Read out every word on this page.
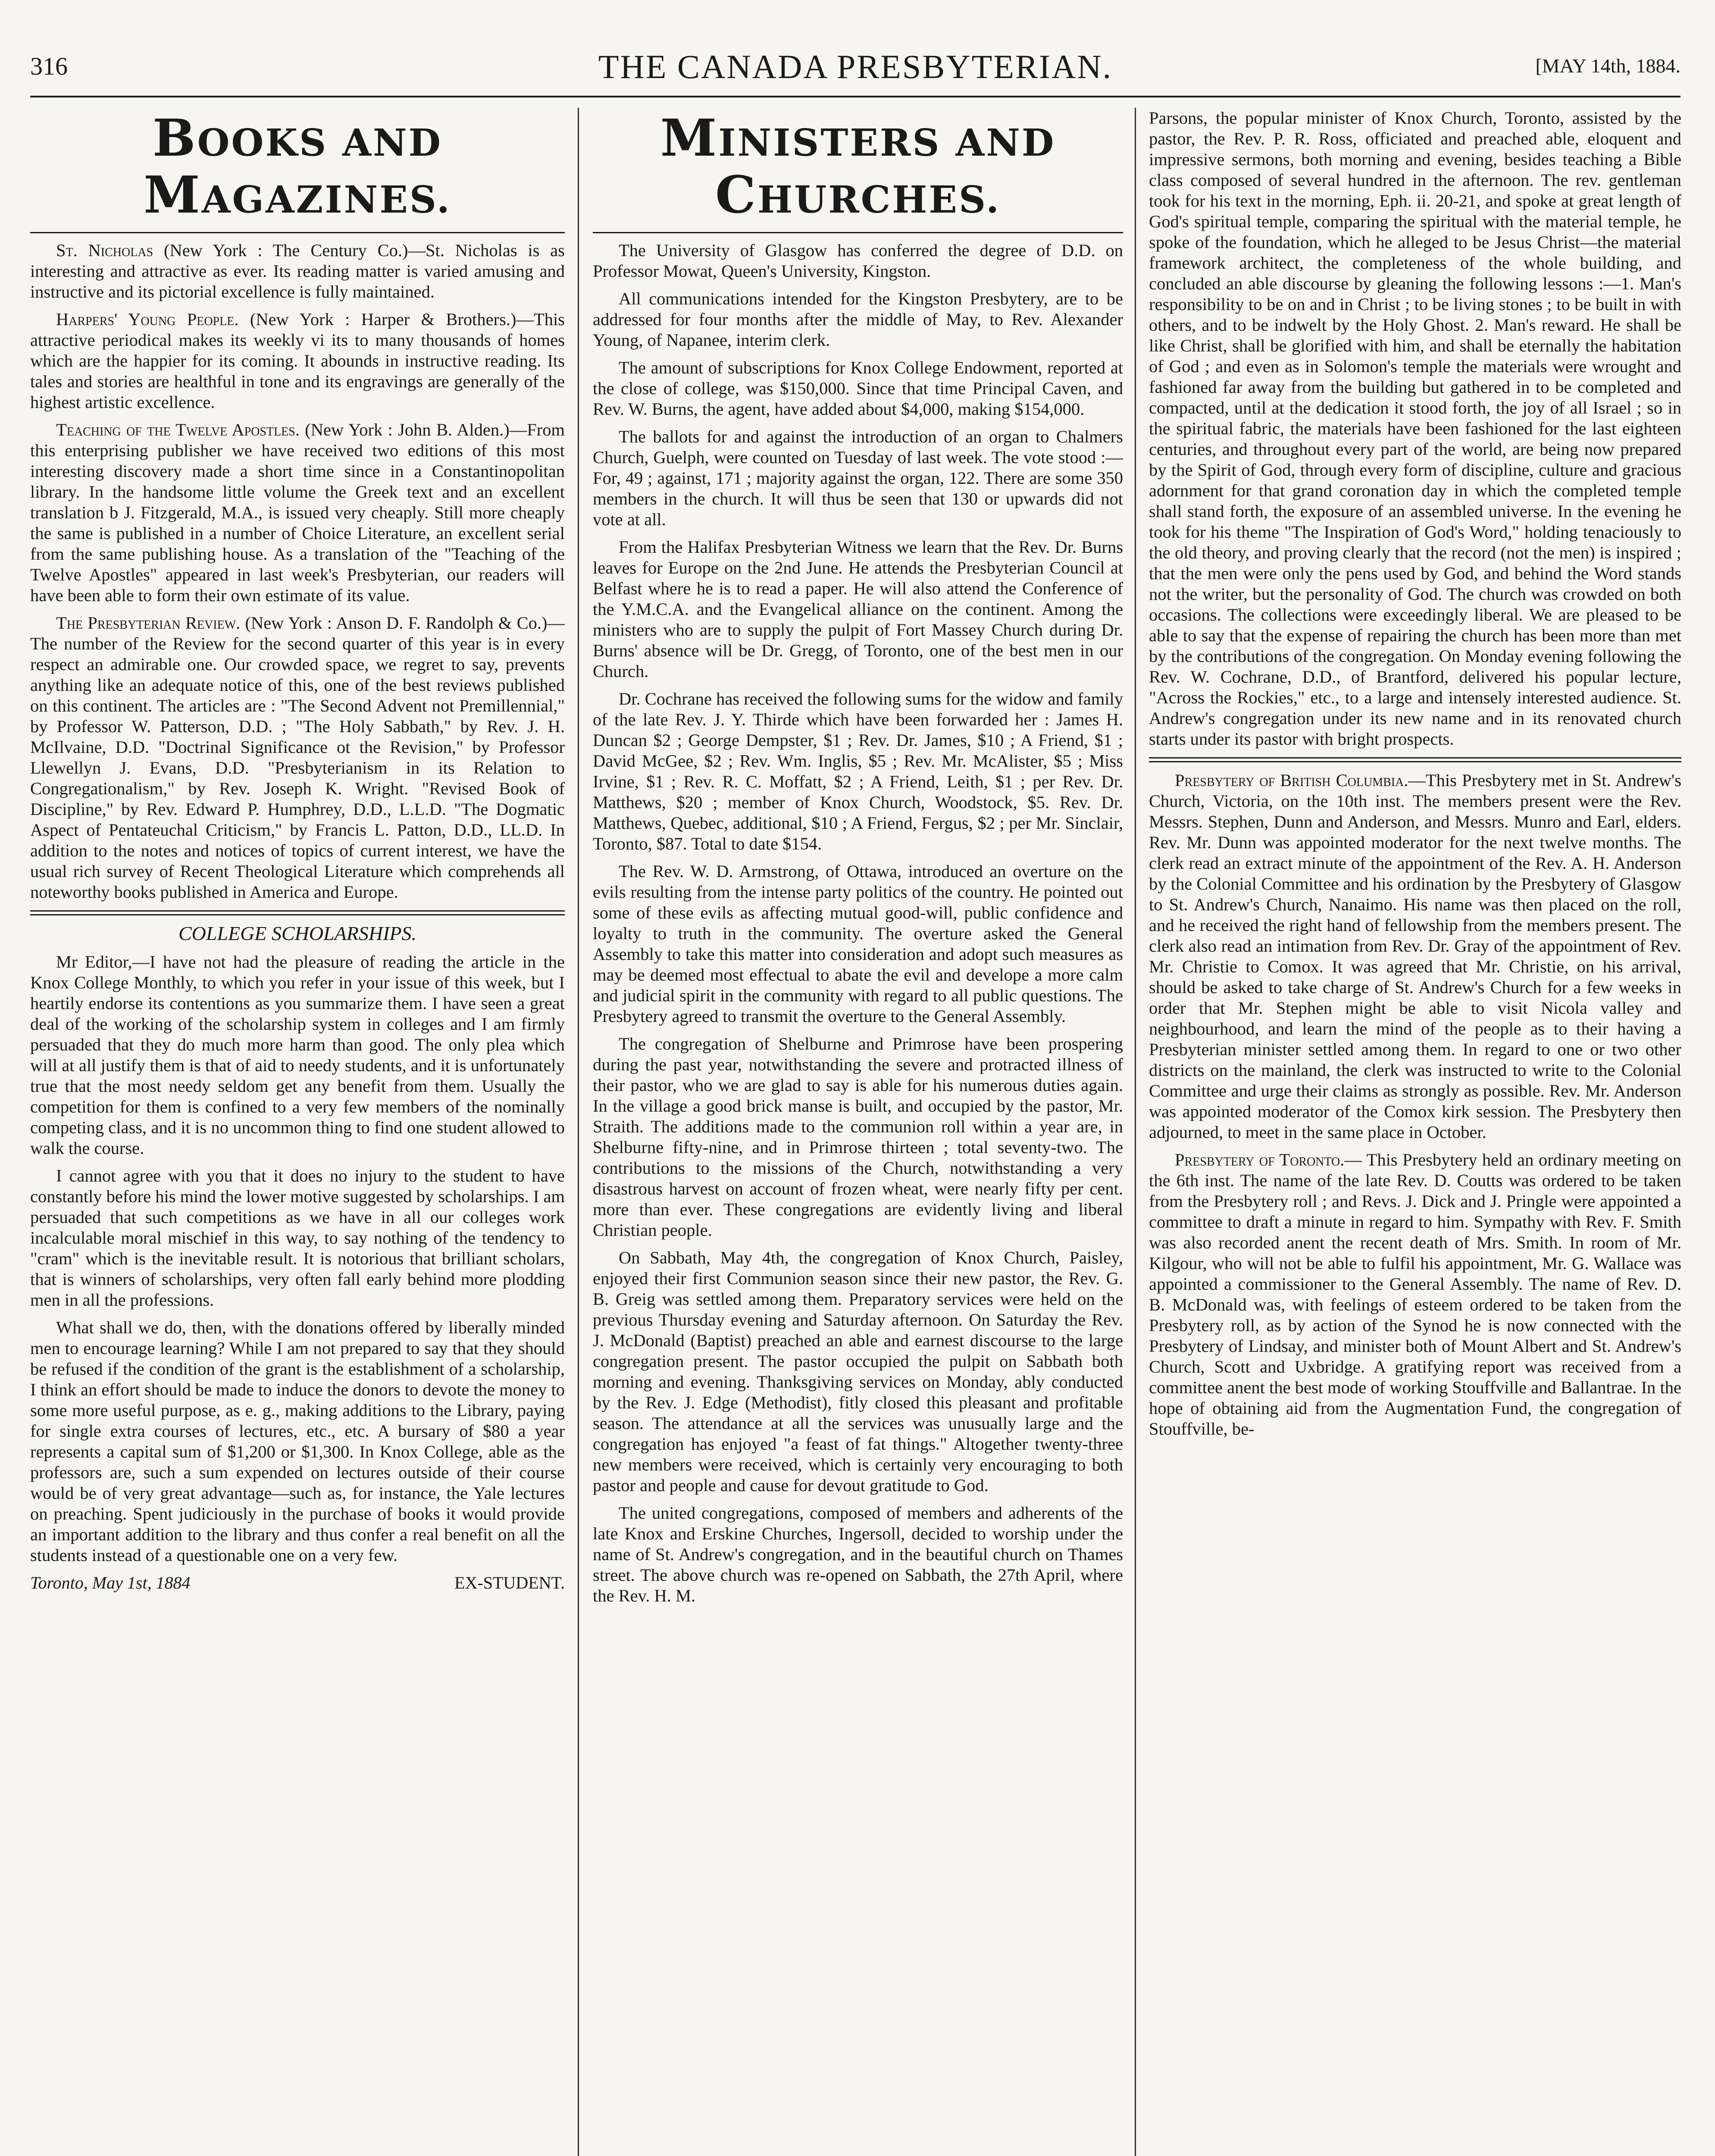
316	THE CANADA PRESBYTERIAN.	[MAY 14th, 1884.
BOOKS AND MAGAZINES.

St. Nicholas (New York : The Century Co.)—St. Nicholas is as interesting and attractive as ever. Its reading matter is varied amusing and instructive and its pictorial excellence is fully maintained.

Harpers' Young People. (New York : Harper & Brothers.)—This attractive periodical makes its weekly vi its to many thousands of homes which are the happier for its coming. It abounds in instructive reading. Its tales and stories are healthful in tone and its engravings are generally of the highest artistic excellence.

Teaching of the Twelve Apostles. (New York : John B. Alden.)—From this enterprising publisher we have received two editions of this most interesting discovery made a short time since in a Constantinopolitan library. In the handsome little volume the Greek text and an excellent translation b J. Fitzgerald, M.A., is issued very cheaply. Still more cheaply the same is published in a number of Choice Literature, an excellent serial from the same publishing house. As a translation of the "Teaching of the Twelve Apostles" appeared in last week's Presbyterian, our readers will have been able to form their own estimate of its value.

The Presbyterian Review. (New York : Anson D. F. Randolph & Co.)—The number of the Review for the second quarter of this year is in every respect an admirable one. Our crowded space, we regret to say, prevents anything like an adequate notice of this, one of the best reviews published on this continent. The articles are : "The Second Advent not Premillennial," by Professor W. Patterson, D.D. ; "The Holy Sabbath," by Rev. J. H. McIlvaine, D.D. "Doctrinal Significance ot the Revision," by Professor Llewellyn J. Evans, D.D. "Presbyterianism in its Relation to Congregationalism," by Rev. Joseph K. Wright. "Revised Book of Discipline," by Rev. Edward P. Humphrey, D.D., L.L.D. "The Dogmatic Aspect of Pentateuchal Criticism," by Francis L. Patton, D.D., LL.D. In addition to the notes and notices of topics of current interest, we have the usual rich survey of Recent Theological Literature which comprehends all noteworthy books published in America and Europe.

COLLEGE SCHOLARSHIPS.

Mr Editor,—I have not had the pleasure of reading the article in the Knox College Monthly, to which you refer in your issue of this week, but I heartily endorse its contentions as you summarize them. I have seen a great deal of the working of the scholarship system in colleges and I am firmly persuaded that they do much more harm than good. The only plea which will at all justify them is that of aid to needy students, and it is unfortunately true that the most needy seldom get any benefit from them. Usually the competition for them is confined to a very few members of the nominally competing class, and it is no uncommon thing to find one student allowed to walk the course.

I cannot agree with you that it does no injury to the student to have constantly before his mind the lower motive suggested by scholarships. I am persuaded that such competitions as we have in all our colleges work incalculable moral mischief in this way, to say nothing of the tendency to "cram" which is the inevitable result. It is notorious that brilliant scholars, that is winners of scholarships, very often fall early behind more plodding men in all the professions.

What shall we do, then, with the donations offered by liberally minded men to encourage learning? While I am not prepared to say that they should be refused if the condition of the grant is the establishment of a scholarship, I think an effort should be made to induce the donors to devote the money to some more useful purpose, as e. g., making additions to the Library, paying for single extra courses of lectures, etc., etc. A bursary of $80 a year represents a capital sum of $1,200 or $1,300. In Knox College, able as the professors are, such a sum expended on lectures outside of their course would be of very great advantage—such as, for instance, the Yale lectures on preaching. Spent judiciously in the purchase of books it would provide an important addition to the library and thus confer a real benefit on all the students instead of a questionable one on a very few.

Toronto, May 1st, 1884	EX-STUDENT.
MINISTERS AND CHURCHES.

The University of Glasgow has conferred the degree of D.D. on Professor Mowat, Queen's University, Kingston.

All communications intended for the Kingston Presbytery, are to be addressed for four months after the middle of May, to Rev. Alexander Young, of Napanee, interim clerk.

The amount of subscriptions for Knox College Endowment, reported at the close of college, was $150,000. Since that time Principal Caven, and Rev. W. Burns, the agent, have added about $4,000, making $154,000.

The ballots for and against the introduction of an organ to Chalmers Church, Guelph, were counted on Tuesday of last week. The vote stood :—For, 49 ; against, 171 ; majority against the organ, 122. There are some 350 members in the church. It will thus be seen that 130 or upwards did not vote at all.

From the Halifax Presbyterian Witness we learn that the Rev. Dr. Burns leaves for Europe on the 2nd June. He attends the Presbyterian Council at Belfast where he is to read a paper. He will also attend the Conference of the Y.M.C.A. and the Evangelical alliance on the continent. Among the ministers who are to supply the pulpit of Fort Massey Church during Dr. Burns' absence will be Dr. Gregg, of Toronto, one of the best men in our Church.

Dr. Cochrane has received the following sums for the widow and family of the late Rev. J. Y. Thirde which have been forwarded her : James H. Duncan $2 ; George Dempster, $1 ; Rev. Dr. James, $10 ; A Friend, $1 ; David McGee, $2 ; Rev. Wm. Inglis, $5 ; Rev. Mr. McAlister, $5 ; Miss Irvine, $1 ; Rev. R. C. Moffatt, $2 ; A Friend, Leith, $1 ; per Rev. Dr. Matthews, $20 ; member of Knox Church, Woodstock, $5. Rev. Dr. Matthews, Quebec, additional, $10 ; A Friend, Fergus, $2 ; per Mr. Sinclair, Toronto, $87. Total to date $154.

The Rev. W. D. Armstrong, of Ottawa, introduced an overture on the evils resulting from the intense party politics of the country. He pointed out some of these evils as affecting mutual good-will, public confidence and loyalty to truth in the community. The overture asked the General Assembly to take this matter into consideration and adopt such measures as may be deemed most effectual to abate the evil and develope a more calm and judicial spirit in the community with regard to all public questions. The Presbytery agreed to transmit the overture to the General Assembly.

The congregation of Shelburne and Primrose have been prospering during the past year, notwithstanding the severe and protracted illness of their pastor, who we are glad to say is able for his numerous duties again. In the village a good brick manse is built, and occupied by the pastor, Mr. Straith. The additions made to the communion roll within a year are, in Shelburne fifty-nine, and in Primrose thirteen ; total seventy-two. The contributions to the missions of the Church, notwithstanding a very disastrous harvest on account of frozen wheat, were nearly fifty per cent. more than ever. These congregations are evidently living and liberal Christian people.

On Sabbath, May 4th, the congregation of Knox Church, Paisley, enjoyed their first Communion season since their new pastor, the Rev. G. B. Greig was settled among them. Preparatory services were held on the previous Thursday evening and Saturday afternoon. On Saturday the Rev. J. McDonald (Baptist) preached an able and earnest discourse to the large congregation present. The pastor occupied the pulpit on Sabbath both morning and evening. Thanksgiving services on Monday, ably conducted by the Rev. J. Edge (Methodist), fitly closed this pleasant and profitable season. The attendance at all the services was unusually large and the congregation has enjoyed "a feast of fat things." Altogether twenty-three new members were received, which is certainly very encouraging to both pastor and people and cause for devout gratitude to God.

The united congregations, composed of members and adherents of the late Knox and Erskine Churches, Ingersoll, decided to worship under the name of St. Andrew's congregation, and in the beautiful church on Thames street. The above church was re-opened on Sabbath, the 27th April, where the Rev. H. M.

Parsons, the popular minister of Knox Church, Toronto, assisted by the pastor, the Rev. P. R. Ross, officiated and preached able, eloquent and impressive sermons, both morning and evening, besides teaching a Bible class composed of several hundred in the afternoon. The rev. gentleman took for his text in the morning, Eph. ii. 20-21, and spoke at great length of God's spiritual temple, comparing the spiritual with the material temple, he spoke of the foundation, which he alleged to be Jesus Christ—the material framework architect, the completeness of the whole building, and concluded an able discourse by gleaning the following lessons :—1. Man's responsibility to be on and in Christ ; to be living stones ; to be built in with others, and to be indwelt by the Holy Ghost. 2. Man's reward. He shall be like Christ, shall be glorified with him, and shall be eternally the habitation of God ; and even as in Solomon's temple the materials were wrought and fashioned far away from the building but gathered in to be completed and compacted, until at the dedication it stood forth, the joy of all Israel ; so in the spiritual fabric, the materials have been fashioned for the last eighteen centuries, and throughout every part of the world, are being now prepared by the Spirit of God, through every form of discipline, culture and gracious adornment for that grand coronation day in which the completed temple shall stand forth, the exposure of an assembled universe. In the evening he took for his theme "The Inspiration of God's Word," holding tenaciously to the old theory, and proving clearly that the record (not the men) is inspired ; that the men were only the pens used by God, and behind the Word stands not the writer, but the personality of God. The church was crowded on both occasions. The collections were exceedingly liberal. We are pleased to be able to say that the expense of repairing the church has been more than met by the contributions of the congregation. On Monday evening following the Rev. W. Cochrane, D.D., of Brantford, delivered his popular lecture, "Across the Rockies," etc., to a large and intensely interested audience. St. Andrew's congregation under its new name and in its renovated church starts under its pastor with bright prospects.

Presbytery of British Columbia.—This Presbytery met in St. Andrew's Church, Victoria, on the 10th inst. The members present were the Rev. Messrs. Stephen, Dunn and Anderson, and Messrs. Munro and Earl, elders. Rev. Mr. Dunn was appointed moderator for the next twelve months. The clerk read an extract minute of the appointment of the Rev. A. H. Anderson by the Colonial Committee and his ordination by the Presbytery of Glasgow to St. Andrew's Church, Nanaimo. His name was then placed on the roll, and he received the right hand of fellowship from the members present. The clerk also read an intimation from Rev. Dr. Gray of the appointment of Rev. Mr. Christie to Comox. It was agreed that Mr. Christie, on his arrival, should be asked to take charge of St. Andrew's Church for a few weeks in order that Mr. Stephen might be able to visit Nicola valley and neighbourhood, and learn the mind of the people as to their having a Presbyterian minister settled among them. In regard to one or two other districts on the mainland, the clerk was instructed to write to the Colonial Committee and urge their claims as strongly as possible. Rev. Mr. Anderson was appointed moderator of the Comox kirk session. The Presbytery then adjourned, to meet in the same place in October.

Presbytery of Toronto.— This Presbytery held an ordinary meeting on the 6th inst. The name of the late Rev. D. Coutts was ordered to be taken from the Presbytery roll ; and Revs. J. Dick and J. Pringle were appointed a committee to draft a minute in regard to him. Sympathy with Rev. F. Smith was also recorded anent the recent death of Mrs. Smith. In room of Mr. Kilgour, who will not be able to fulfil his appointment, Mr. G. Wallace was appointed a commissioner to the General Assembly. The name of Rev. D. B. McDonald was, with feelings of esteem ordered to be taken from the Presbytery roll, as by action of the Synod he is now connected with the Presbytery of Lindsay, and minister both of Mount Albert and St. Andrew's Church, Scott and Uxbridge. A gratifying report was received from a committee anent the best mode of working Stouffville and Ballantrae. In the hope of obtaining aid from the Augmentation Fund, the congregation of Stouffville, be-
